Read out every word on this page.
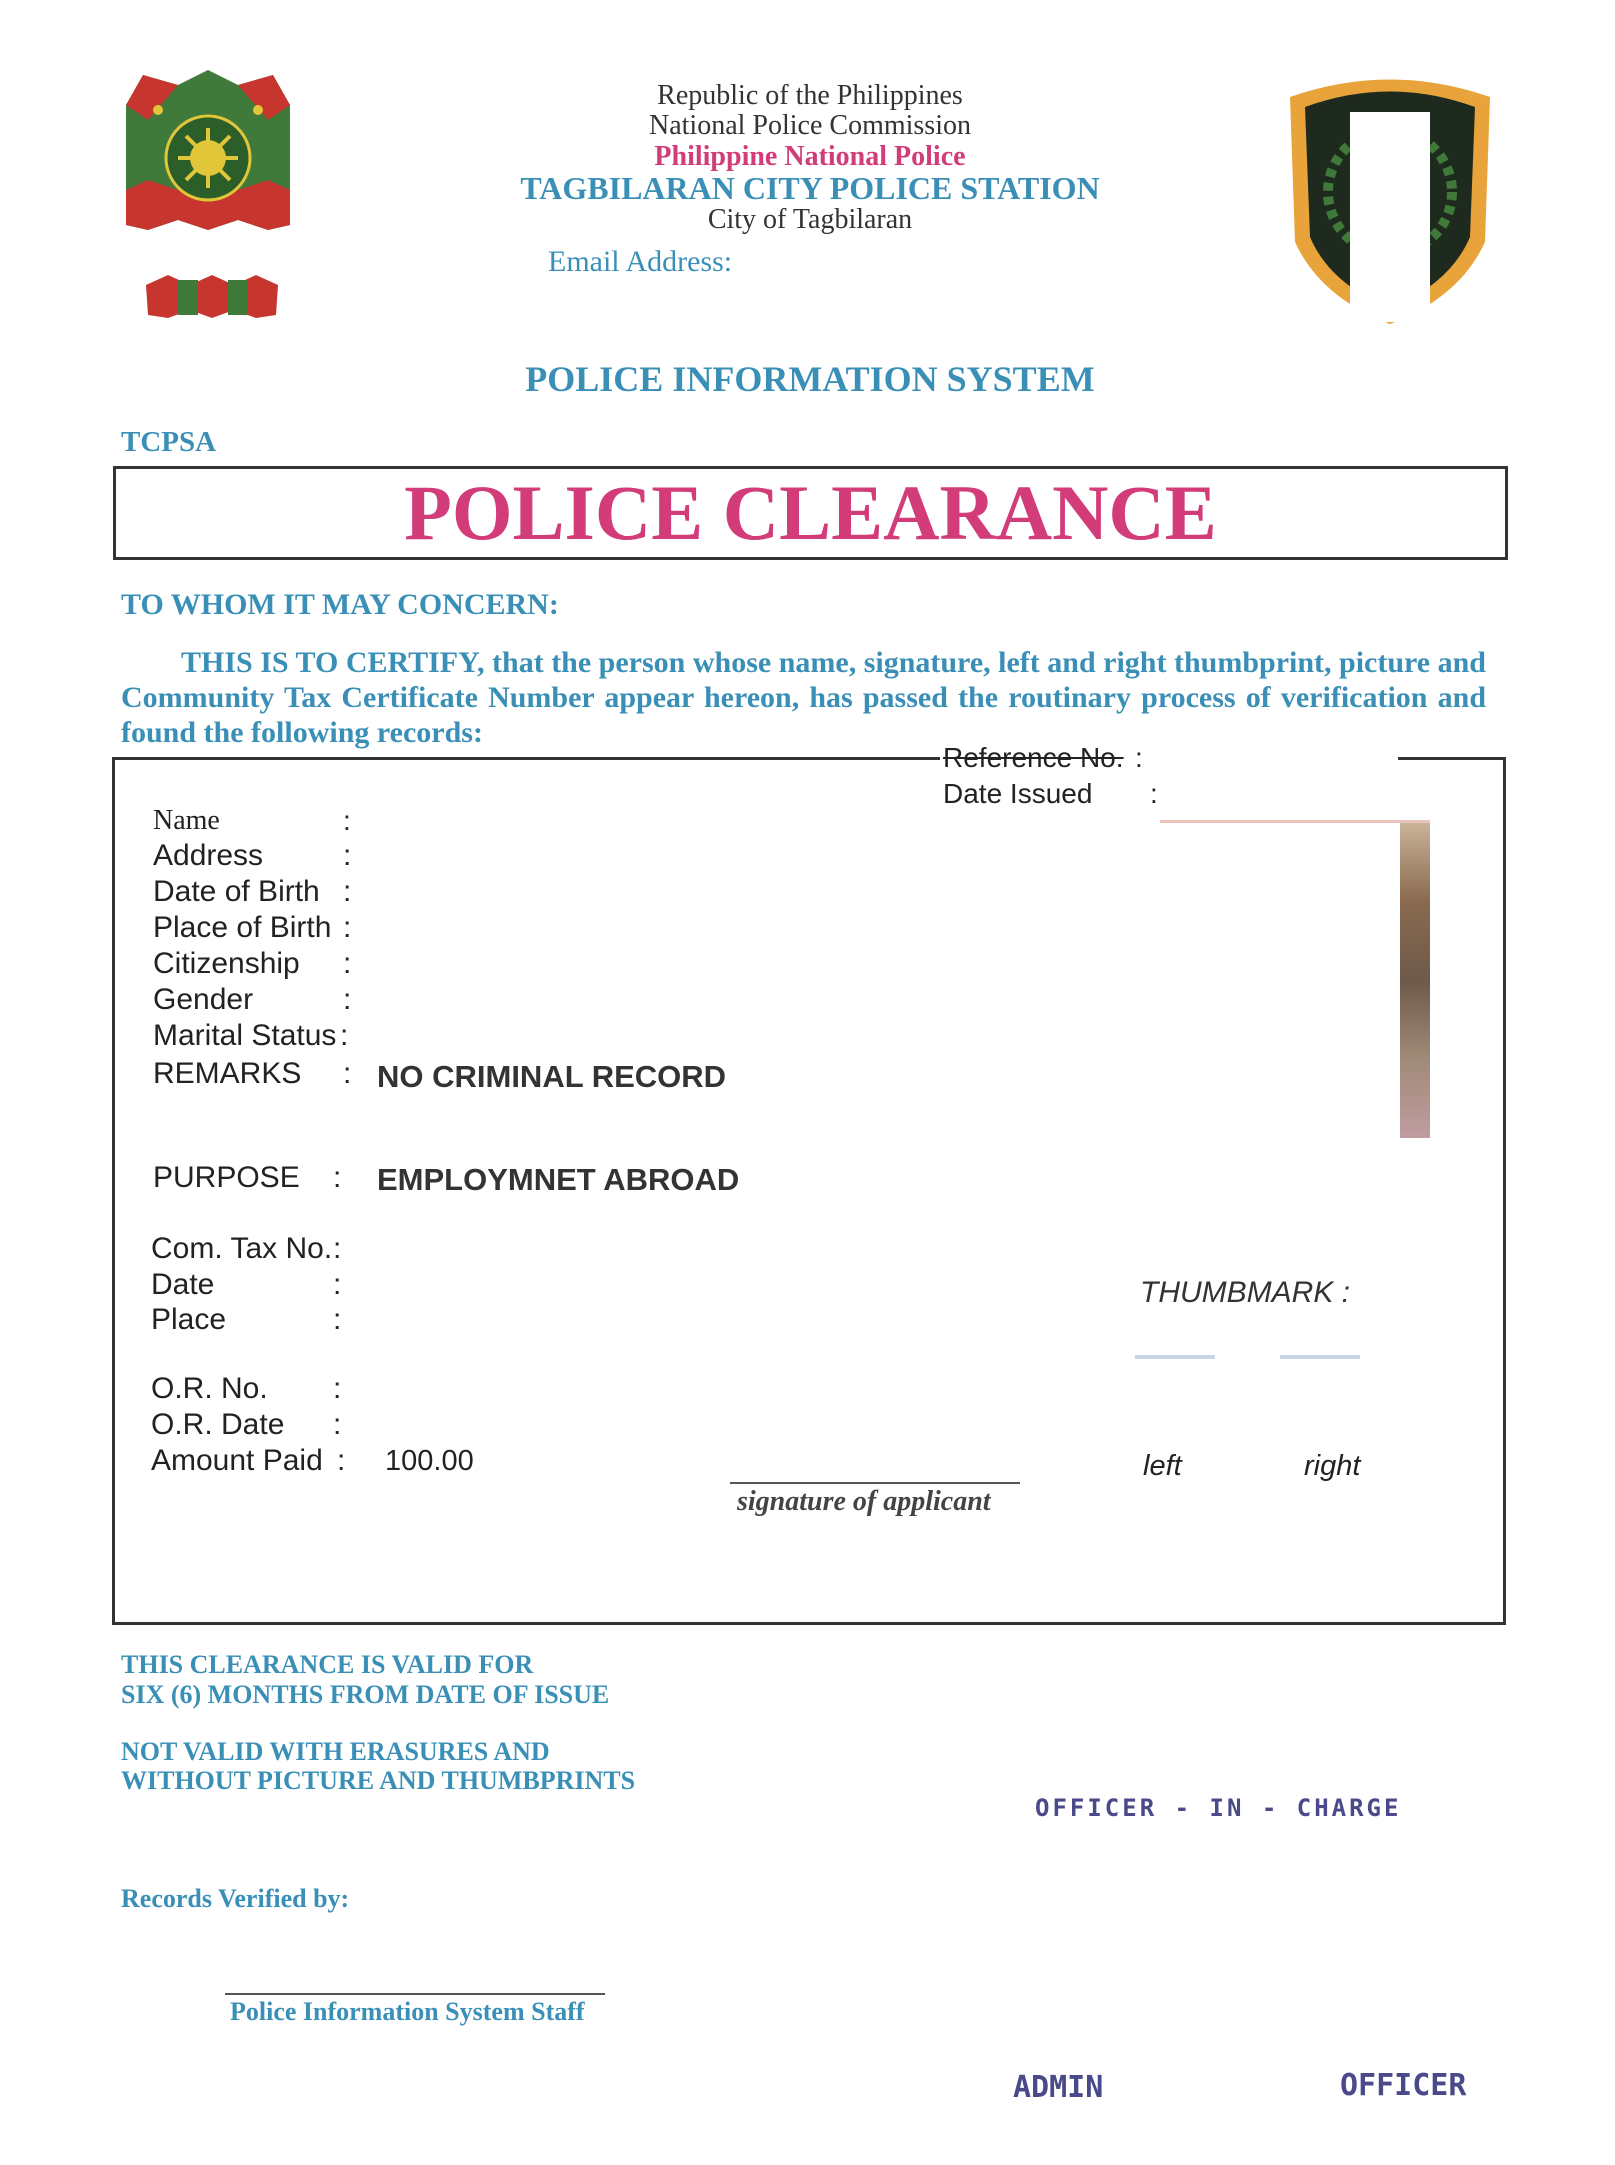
Republic of the Philippines
National Police Commission
Philippine National Police
TAGBILARAN CITY POLICE STATION
City of Tagbilaran
Email Address:
POLICE INFORMATION SYSTEM
TCPSA
POLICE CLEARANCE
TO WHOM IT MAY CONCERN:
THIS IS TO CERTIFY, that the person whose name, signature, left and right thumbprint, picture and Community Tax Certificate Number appear hereon, has passed the routinary process of verification and found the following records:
Reference No. :
Date Issued :
Name	:
Address	:
Date of Birth :
Place of Birth :
Citizenship :
Gender	:
Marital Status :
REMARKS : NO CRIMINAL RECORD
PURPOSE : EMPLOYMNET ABROAD
Com. Tax No. :
Date	:
Place	:
O.R. No. :
O.R. Date :
Amount Paid : 100.00
signature of applicant
THUMBMARK :
left	right
THIS CLEARANCE IS VALID FOR
SIX (6) MONTHS FROM DATE OF ISSUE
NOT VALID WITH ERASURES AND
WITHOUT PICTURE AND THUMBPRINTS
OFFICER - IN - CHARGE
Records Verified by:
Police Information System Staff
ADMIN	OFFICER
